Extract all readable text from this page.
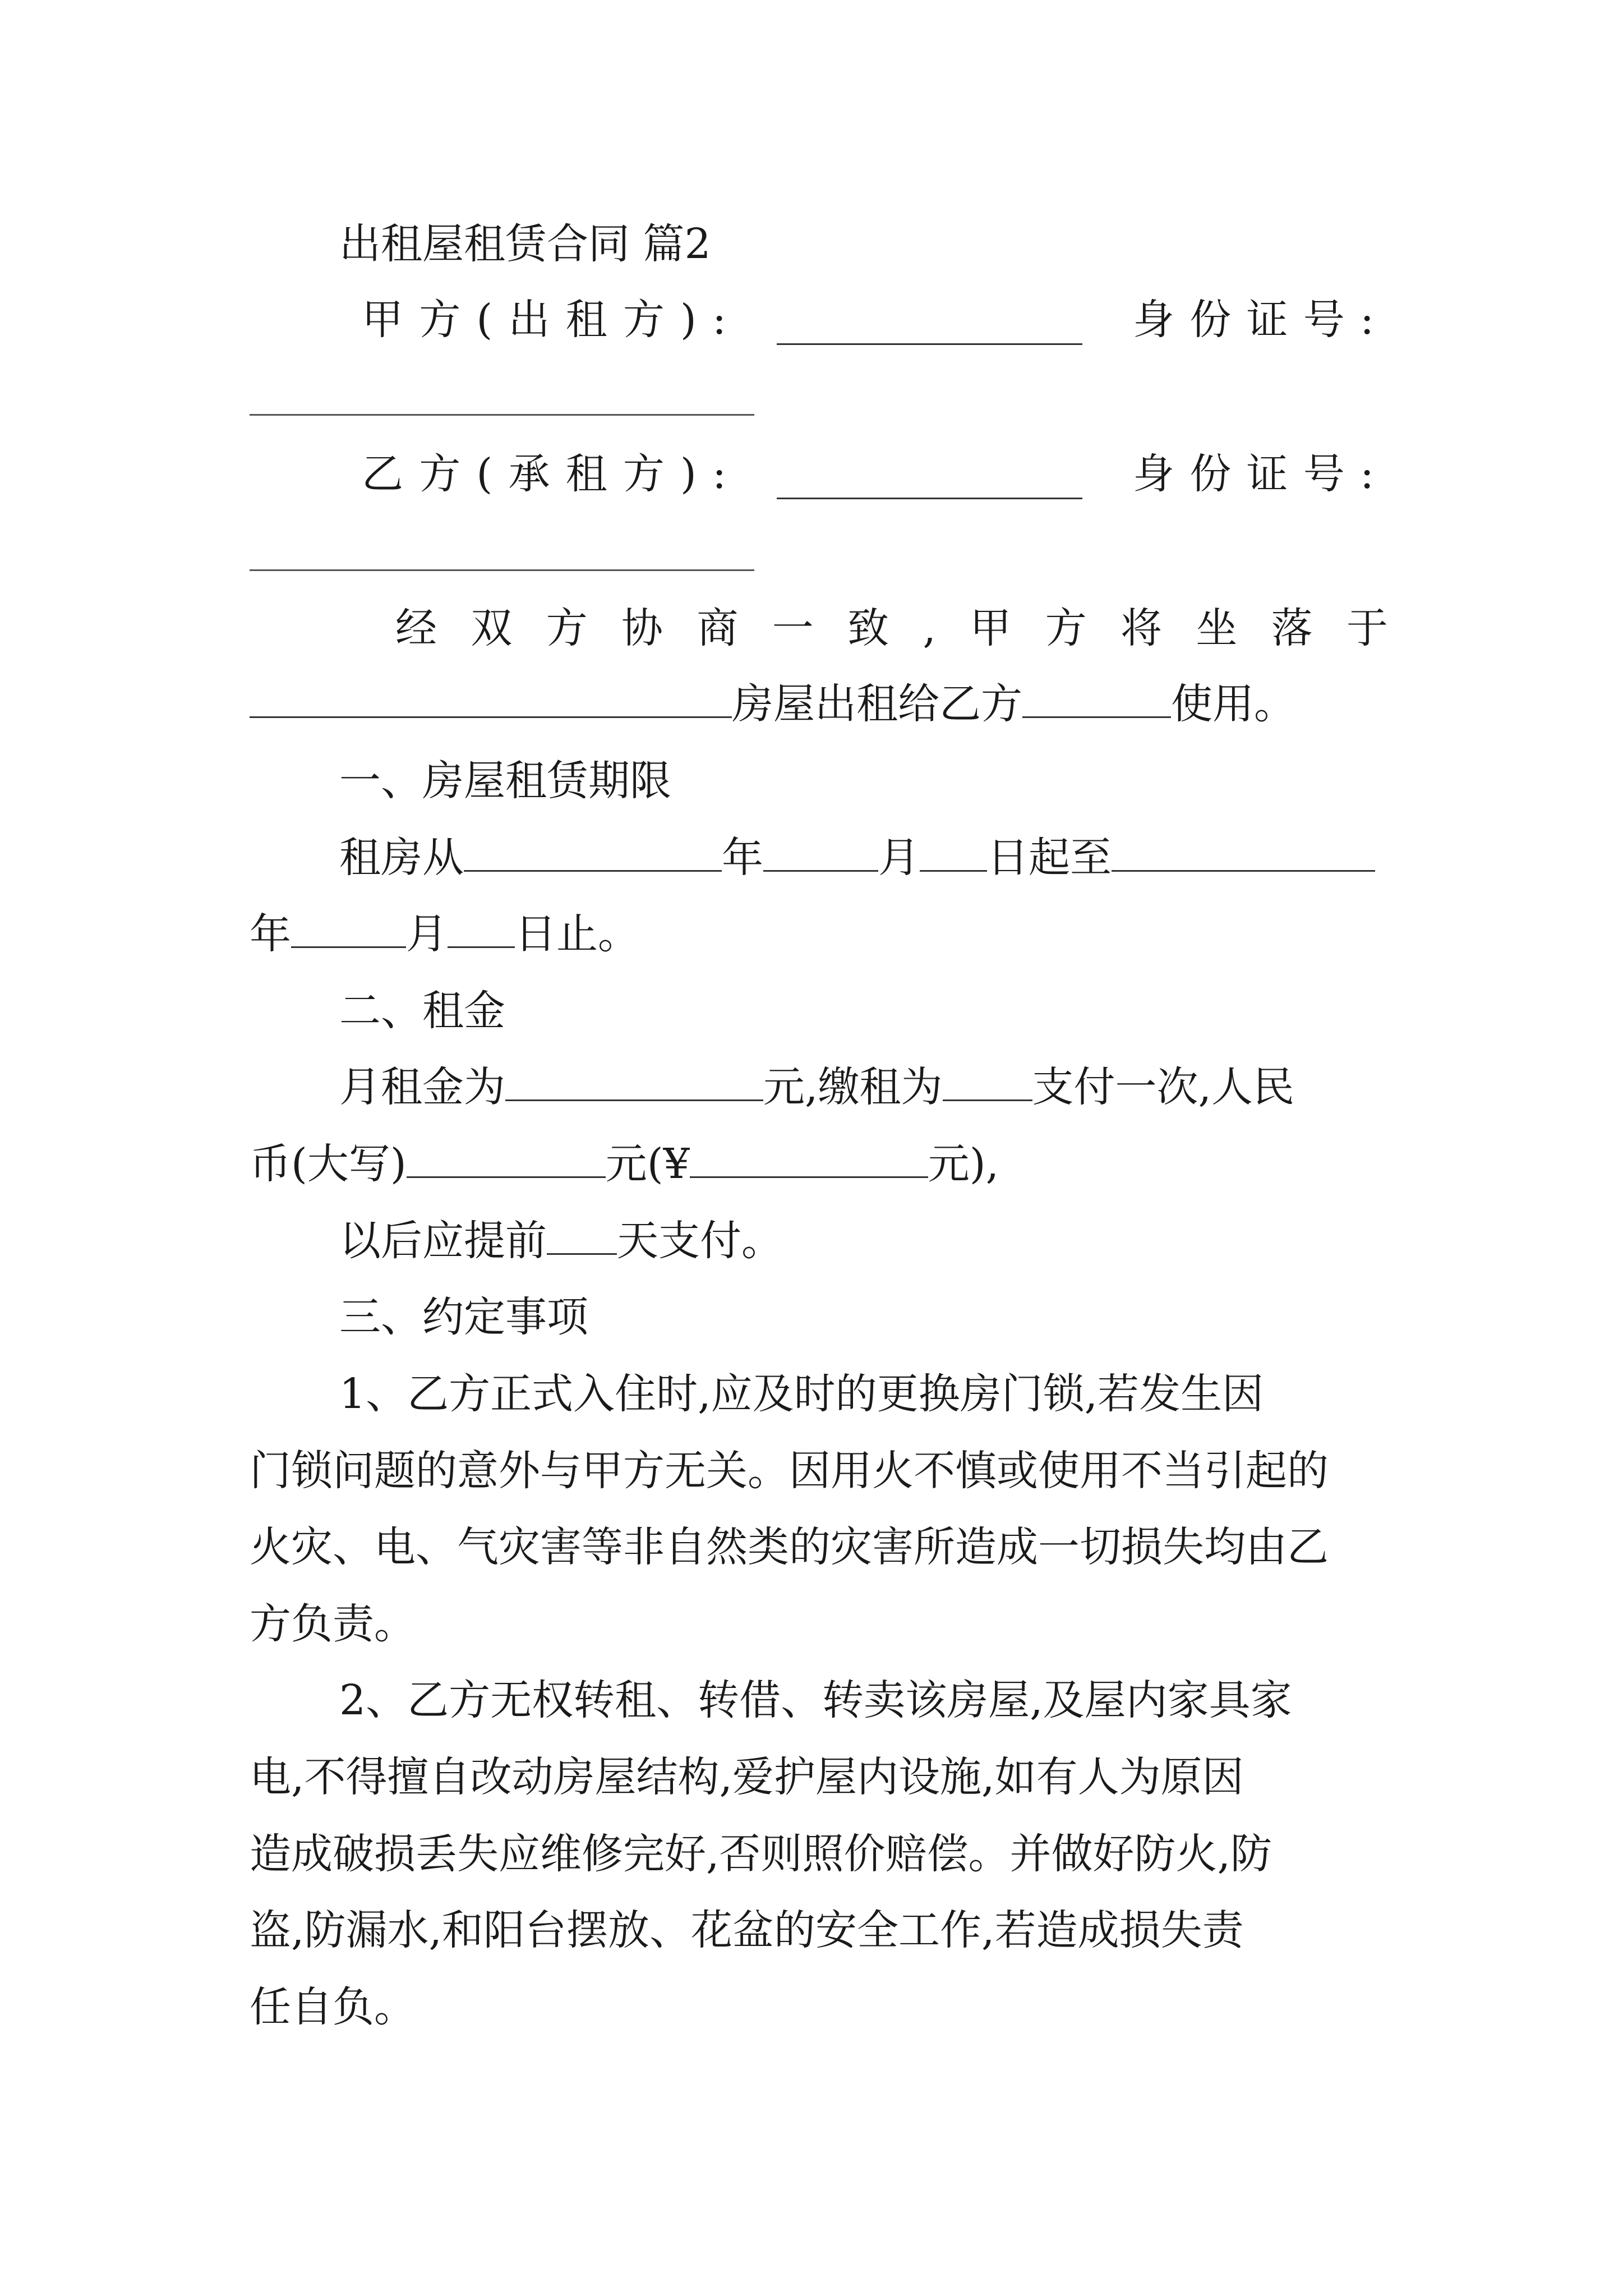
出租屋租赁合同 篇2

甲 方 ( 出 租 方 ) :	身 份 证 号 :
乙 方 ( 承 租 方 ) :	身 份 证 号 :
经 双 方 协 商 一 致 , 甲 方 将 坐 落 于

房屋出租给乙方	使用。

一、房屋租赁期限

租房从	年	月 日起至

年	月 日止。

二、租金

月租金为	元,缴租为 支付一次,人民

币(大写)	元(¥	元),

以后应提前 天支付。

三、约定事项

1、乙方正式入住时,应及时的更换房门锁,若发生因

门锁问题的意外与甲方无关。因用火不慎或使用不当引起的

火灾、电、气灾害等非自然类的灾害所造成一切损失均由乙

方负责。

2、乙方无权转租、转借、转卖该房屋,及屋内家具家

电,不得擅自改动房屋结构,爱护屋内设施,如有人为原因

造成破损丢失应维修完好,否则照价赔偿。并做好防火,防

盗,防漏水,和阳台摆放、花盆的安全工作,若造成损失责

任自负。
